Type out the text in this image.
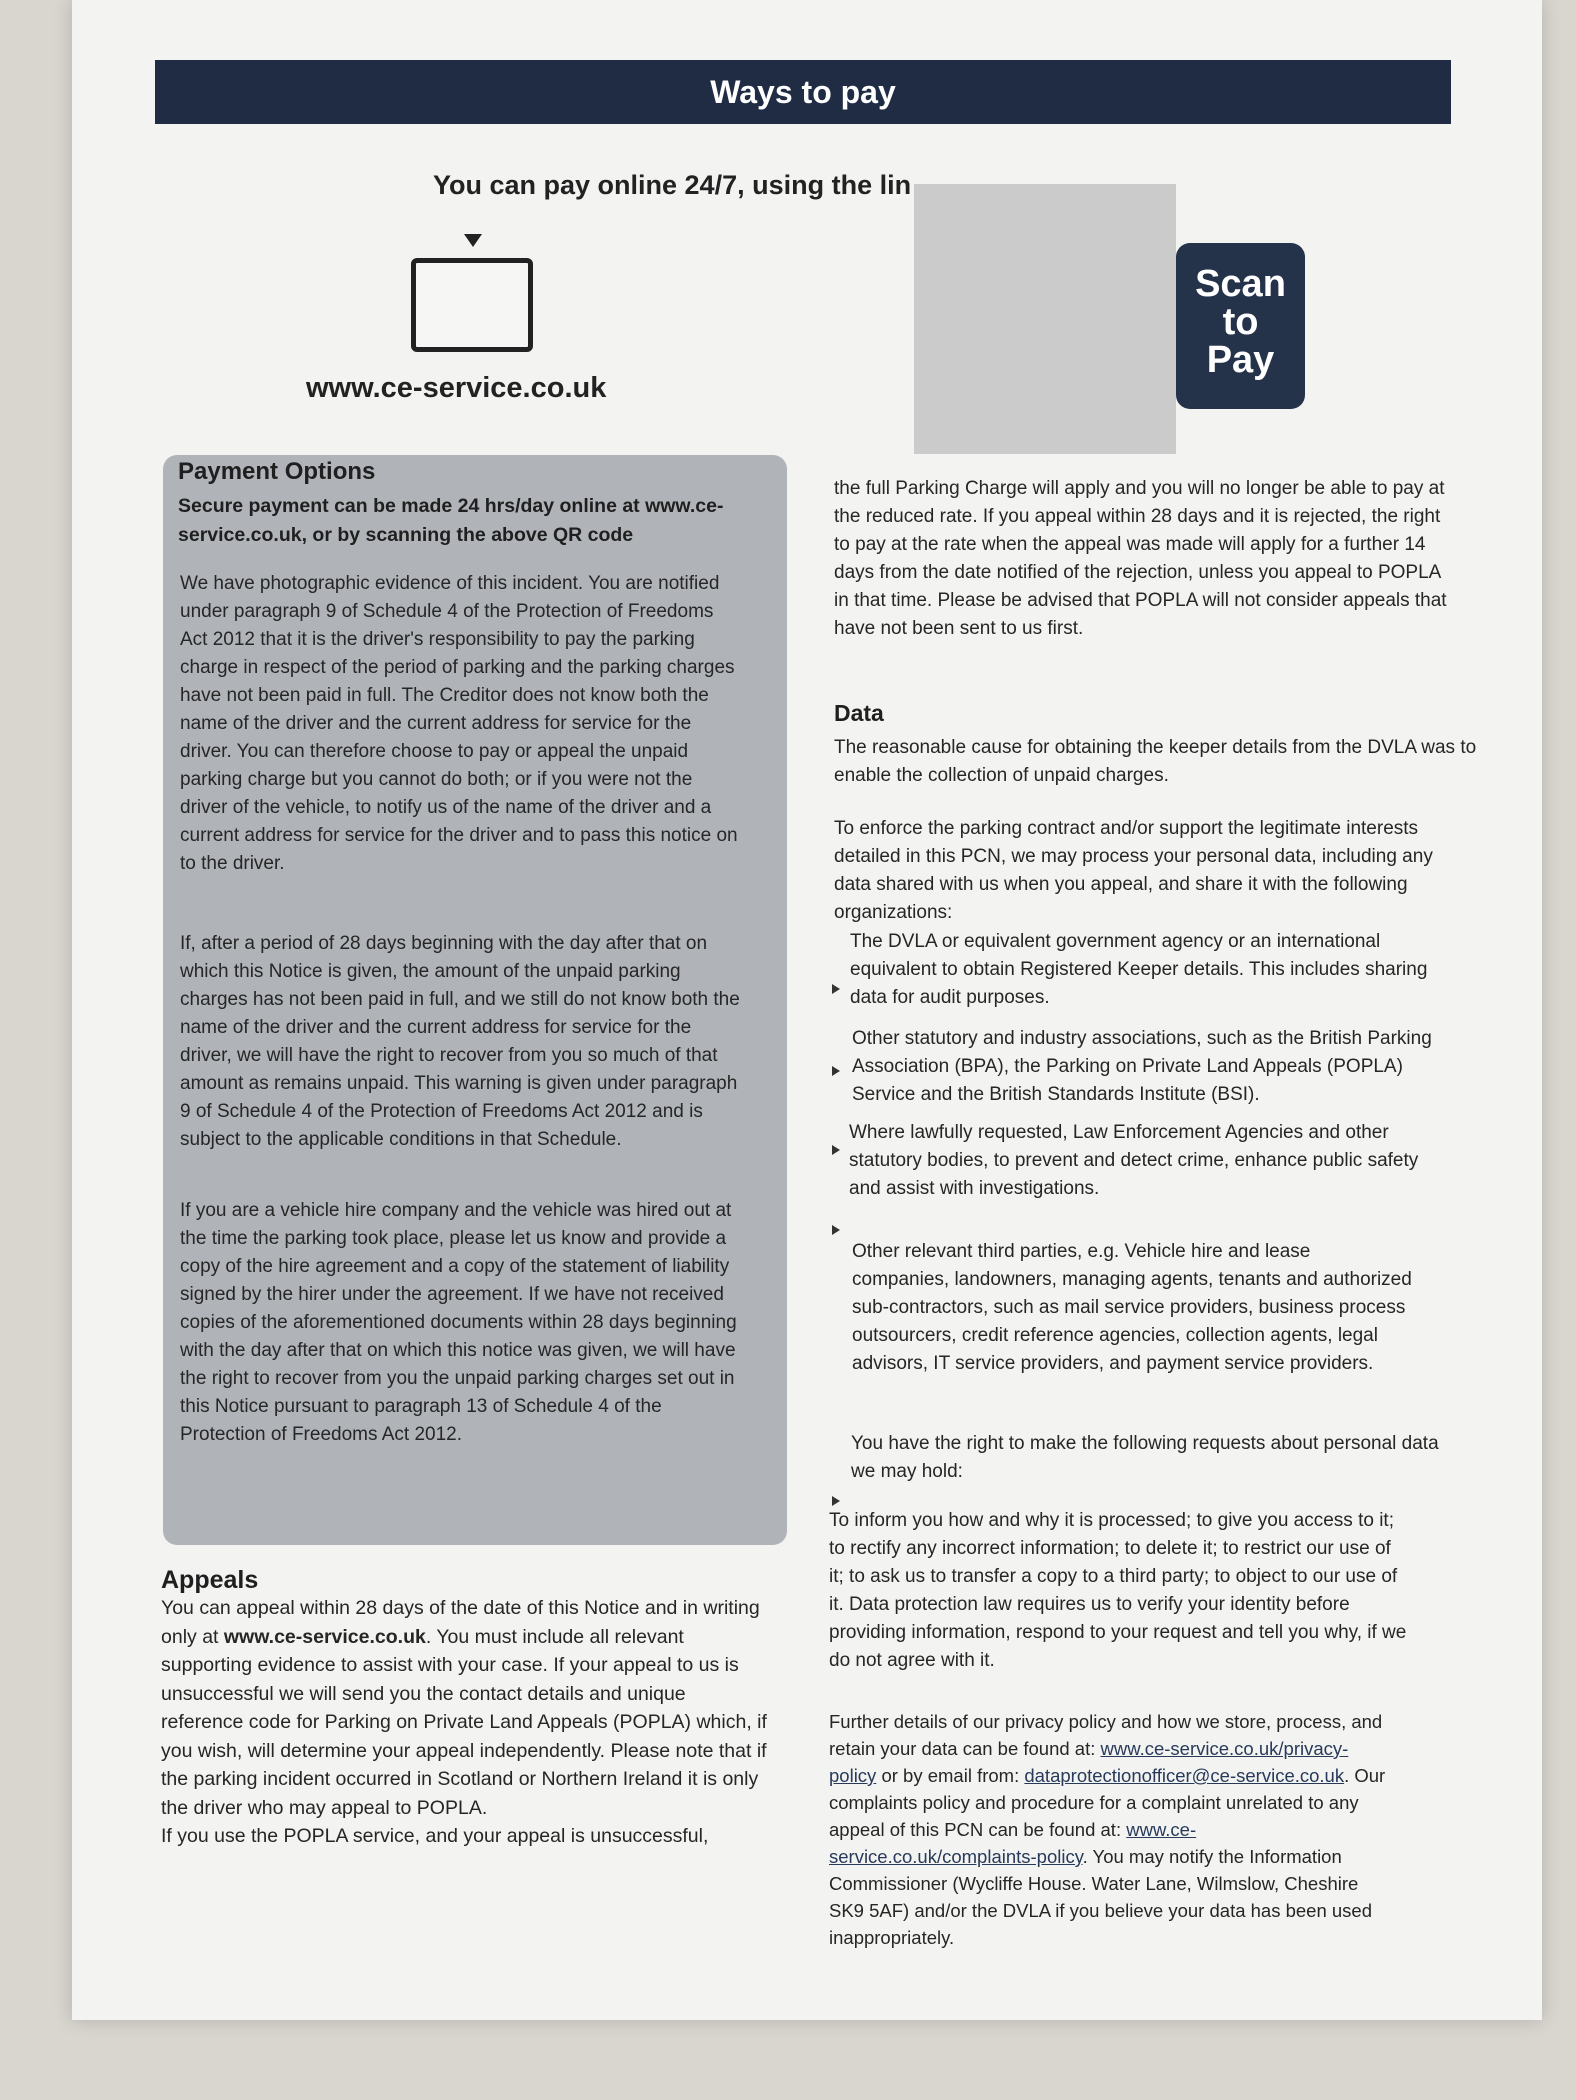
Ways to pay
You can pay online 24/7, using the lin
www.ce-service.co.uk
Scan
to
Pay
Payment Options
Secure payment can be made 24 hrs/day online at www.ce-service.co.uk, or by scanning the above QR code
We have photographic evidence of this incident. You are notified under paragraph 9 of Schedule 4 of the Protection of Freedoms Act 2012 that it is the driver's responsibility to pay the parking charge in respect of the period of parking and the parking charges have not been paid in full. The Creditor does not know both the name of the driver and the current address for service for the driver. You can therefore choose to pay or appeal the unpaid parking charge but you cannot do both; or if you were not the driver of the vehicle, to notify us of the name of the driver and a current address for service for the driver and to pass this notice on to the driver.
If, after a period of 28 days beginning with the day after that on which this Notice is given, the amount of the unpaid parking charges has not been paid in full, and we still do not know both the name of the driver and the current address for service for the driver, we will have the right to recover from you so much of that amount as remains unpaid. This warning is given under paragraph 9 of Schedule 4 of the Protection of Freedoms Act 2012 and is subject to the applicable conditions in that Schedule.
If you are a vehicle hire company and the vehicle was hired out at the time the parking took place, please let us know and provide a copy of the hire agreement and a copy of the statement of liability signed by the hirer under the agreement. If we have not received copies of the aforementioned documents within 28 days beginning with the day after that on which this notice was given, we will have the right to recover from you the unpaid parking charges set out in this Notice pursuant to paragraph 13 of Schedule 4 of the Protection of Freedoms Act 2012.
Appeals
You can appeal within 28 days of the date of this Notice and in writing only at www.ce-service.co.uk. You must include all relevant supporting evidence to assist with your case. If your appeal to us is unsuccessful we will send you the contact details and unique reference code for Parking on Private Land Appeals (POPLA) which, if you wish, will determine your appeal independently. Please note that if the parking incident occurred in Scotland or Northern Ireland it is only the driver who may appeal to POPLA.
If you use the POPLA service, and your appeal is unsuccessful,
the full Parking Charge will apply and you will no longer be able to pay at the reduced rate. If you appeal within 28 days and it is rejected, the right to pay at the rate when the appeal was made will apply for a further 14 days from the date notified of the rejection, unless you appeal to POPLA in that time. Please be advised that POPLA will not consider appeals that have not been sent to us first.
Data
The reasonable cause for obtaining the keeper details from the DVLA was to enable the collection of unpaid charges.
To enforce the parking contract and/or support the legitimate interests detailed in this PCN, we may process your personal data, including any data shared with us when you appeal, and share it with the following organizations:
The DVLA or equivalent government agency or an international equivalent to obtain Registered Keeper details. This includes sharing data for audit purposes.
Other statutory and industry associations, such as the British Parking Association (BPA), the Parking on Private Land Appeals (POPLA) Service and the British Standards Institute (BSI).
Where lawfully requested, Law Enforcement Agencies and other statutory bodies, to prevent and detect crime, enhance public safety and assist with investigations.
Other relevant third parties, e.g. Vehicle hire and lease companies, landowners, managing agents, tenants and authorized sub-contractors, such as mail service providers, business process outsourcers, credit reference agencies, collection agents, legal advisors, IT service providers, and payment service providers.
You have the right to make the following requests about personal data we may hold:
To inform you how and why it is processed; to give you access to it; to rectify any incorrect information; to delete it; to restrict our use of it; to ask us to transfer a copy to a third party; to object to our use of it. Data protection law requires us to verify your identity before providing information, respond to your request and tell you why, if we do not agree with it.
Further details of our privacy policy and how we store, process, and retain your data can be found at: www.ce-service.co.uk/privacy-policy or by email from: dataprotectionofficer@ce-service.co.uk. Our complaints policy and procedure for a complaint unrelated to any appeal of this PCN can be found at: www.ce-service.co.uk/complaints-policy. You may notify the Information Commissioner (Wycliffe House. Water Lane, Wilmslow, Cheshire SK9 5AF) and/or the DVLA if you believe your data has been used inappropriately.
